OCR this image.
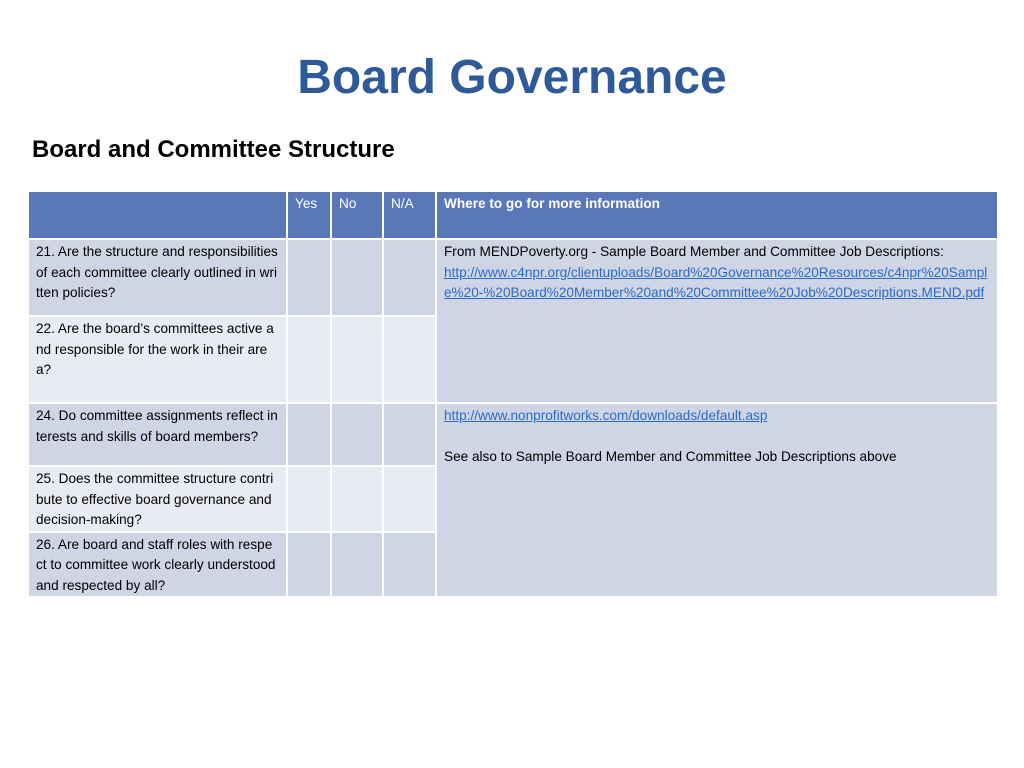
Board Governance
Board and Committee Structure
	Yes	No	N/A	Where to go for more information
21. Are the structure and responsibilities of each committee clearly outlined in written policies?				From MENDPoverty.org - Sample Board Member and Committee Job Descriptions:
http://www.c4npr.org/clientuploads/Board%20Governance%20Resources/c4npr%20Sample%20-%20Board%20Member%20and%20Committee%20Job%20Descriptions.MEND.pdf

22. Are the board’s committees active and responsible for the work in their area?				
24. Do committee assignments reflect interests and skills of board members?				http://www.nonprofitworks.com/downloads/default.asp
See also to Sample Board Member and Committee Job Descriptions above
25. Does the committee structure contribute to effective board governance and decision-making?				
26. Are board and staff roles with respect to committee work clearly understood and respected by all?				
